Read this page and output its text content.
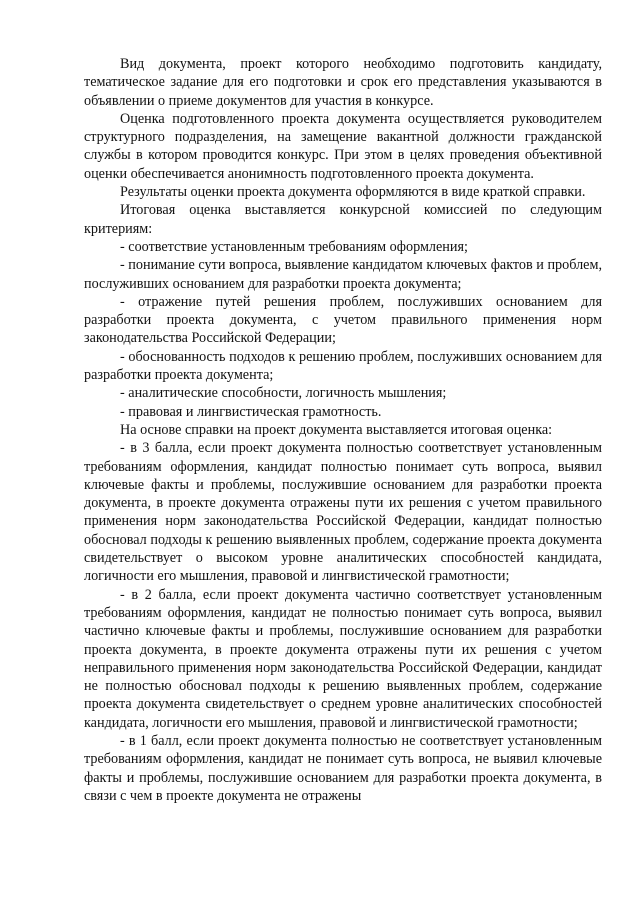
Вид документа, проект которого необходимо подготовить кандидату, тематическое задание для его подготовки и срок его представления указываются в объявлении о приеме документов для участия в конкурсе.

Оценка подготовленного проекта документа осуществляется руководителем структурного подразделения, на замещение вакантной должности гражданской службы в котором проводится конкурс. При этом в целях проведения объективной оценки обеспечивается анонимность подготовленного проекта документа.

Результаты оценки проекта документа оформляются в виде краткой справки.

Итоговая оценка выставляется конкурсной комиссией по следующим критериям:

- соответствие установленным требованиям оформления;

- понимание сути вопроса, выявление кандидатом ключевых фактов и проблем, послуживших основанием для разработки проекта документа;

- отражение путей решения проблем, послуживших основанием для разработки проекта документа, с учетом правильного применения норм законодательства Российской Федерации;

- обоснованность подходов к решению проблем, послуживших основанием для разработки проекта документа;

- аналитические способности, логичность мышления;

- правовая и лингвистическая грамотность.

На основе справки на проект документа выставляется итоговая оценка:

- в 3 балла, если проект документа полностью соответствует установленным требованиям оформления, кандидат полностью понимает суть вопроса, выявил ключевые факты и проблемы, послужившие основанием для разработки проекта документа, в проекте документа отражены пути их решения с учетом правильного применения норм законодательства Российской Федерации, кандидат полностью обосновал подходы к решению выявленных проблем, содержание проекта документа свидетельствует о высоком уровне аналитических способностей кандидата, логичности его мышления, правовой и лингвистической грамотности;

- в 2 балла, если проект документа частично соответствует установленным требованиям оформления, кандидат не полностью понимает суть вопроса, выявил частично ключевые факты и проблемы, послужившие основанием для разработки проекта документа, в проекте документа отражены пути их решения с учетом неправильного применения норм законодательства Российской Федерации, кандидат не полностью обосновал подходы к решению выявленных проблем, содержание проекта документа свидетельствует о среднем уровне аналитических способностей кандидата, логичности его мышления, правовой и лингвистической грамотности;

- в 1 балл, если проект документа полностью не соответствует установленным требованиям оформления, кандидат не понимает суть вопроса, не выявил ключевые факты и проблемы, послужившие основанием для разработки проекта документа, в связи с чем в проекте документа не отражены
